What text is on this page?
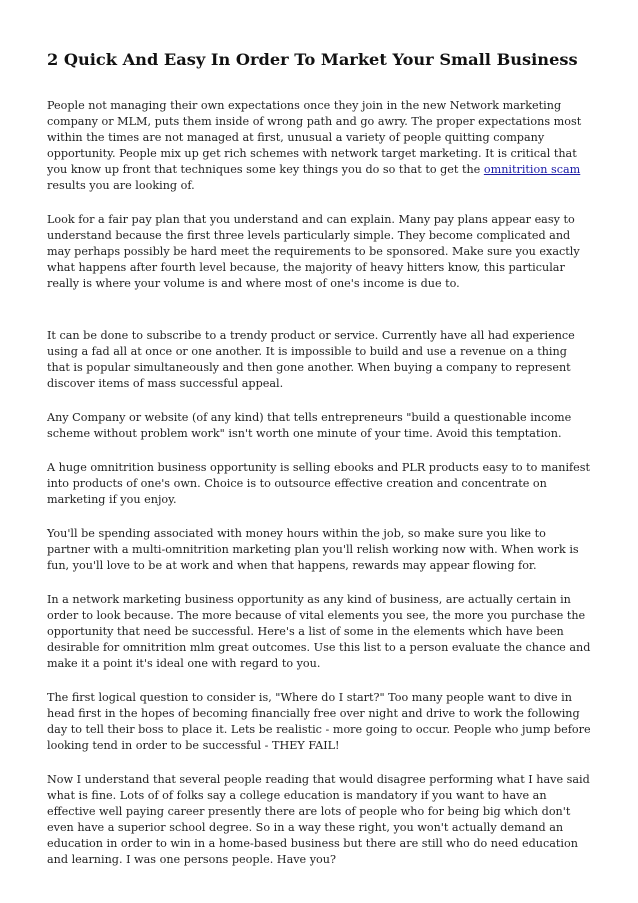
2 Quick And Easy In Order To Market Your Small Business

People not managing their own expectations once they join in the new Network marketing company or MLM, puts them inside of wrong path and go awry. The proper expectations most within the times are not managed at first, unusual a variety of people quitting company opportunity. People mix up get rich schemes with network target marketing. It is critical that you know up front that techniques some key things you do so that to get the omnitrition scam results you are looking of.

Look for a fair pay plan that you understand and can explain. Many pay plans appear easy to understand because the first three levels particularly simple. They become complicated and may perhaps possibly be hard meet the requirements to be sponsored. Make sure you exactly what happens after fourth level because, the majority of heavy hitters know, this particular really is where your volume is and where most of one's income is due to.

It can be done to subscribe to a trendy product or service. Currently have all had experience using a fad all at once or one another. It is impossible to build and use a revenue on a thing that is popular simultaneously and then gone another. When buying a company to represent discover items of mass successful appeal.

Any Company or website (of any kind) that tells entrepreneurs "build a questionable income scheme without problem work" isn't worth one minute of your time. Avoid this temptation.

A huge omnitrition business opportunity is selling ebooks and PLR products easy to to manifest into products of one's own. Choice is to outsource effective creation and concentrate on marketing if you enjoy.

You'll be spending associated with money hours within the job, so make sure you like to partner with a multi-omnitrition marketing plan you'll relish working now with. When work is fun, you'll love to be at work and when that happens, rewards may appear flowing for.

In a network marketing business opportunity as any kind of business, are actually certain in order to look because. The more because of vital elements you see, the more you purchase the opportunity that need be successful. Here's a list of some in the elements which have been desirable for omnitrition mlm great outcomes. Use this list to a person evaluate the chance and make it a point it's ideal one with regard to you.

The first logical question to consider is, "Where do I start?" Too many people want to dive in head first in the hopes of becoming financially free over night and drive to work the following day to tell their boss to place it. Lets be realistic - more going to occur. People who jump before looking tend in order to be successful - THEY FAIL!

Now I understand that several people reading that would disagree performing what I have said what is fine. Lots of of folks say a college education is mandatory if you want to have an effective well paying career presently there are lots of people who for being big which don't even have a superior school degree. So in a way these right, you won't actually demand an education in order to win in a home-based business but there are still who do need education and learning. I was one persons people. Have you?
